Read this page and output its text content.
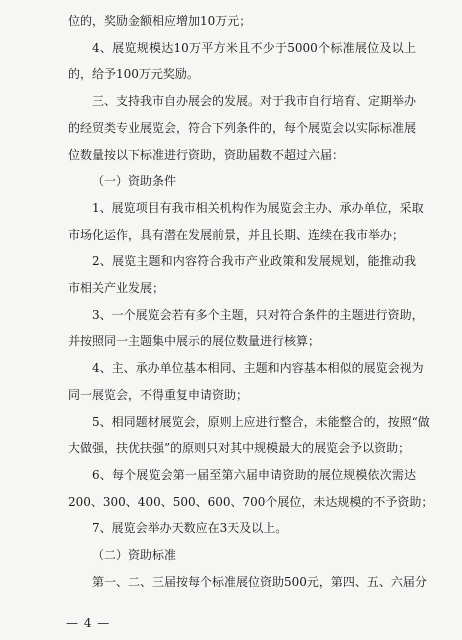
位的，奖励金额相应增加10万元；
4、展览规模达10万平方米且不少于5000个标准展位及以上
的，给予100万元奖励。
三、支持我市自办展会的发展。对于我市自行培育、定期举办
的经贸类专业展览会，符合下列条件的，每个展览会以实际标准展
位数量按以下标准进行资助，资助届数不超过六届：
（一）资助条件
1、展览项目有我市相关机构作为展览会主办、承办单位，采取
市场化运作，具有潜在发展前景，并且长期、连续在我市举办；
2、展览主题和内容符合我市产业政策和发展规划，能推动我
市相关产业发展；
3、一个展览会若有多个主题，只对符合条件的主题进行资助，
并按照同一主题集中展示的展位数量进行核算；
4、主、承办单位基本相同、主题和内容基本相似的展览会视为
同一展览会，不得重复申请资助；
5、相同题材展览会，原则上应进行整合，未能整合的，按照“做
大做强，扶优扶强”的原则只对其中规模最大的展览会予以资助；
6、每个展览会第一届至第六届申请资助的展位规模依次需达
200、300、400、500、600、700个展位，未达规模的不予资助；
7、展览会举办天数应在3天及以上。
（二）资助标准
第一、二、三届按每个标准展位资助500元，第四、五、六届分
— 4 —
